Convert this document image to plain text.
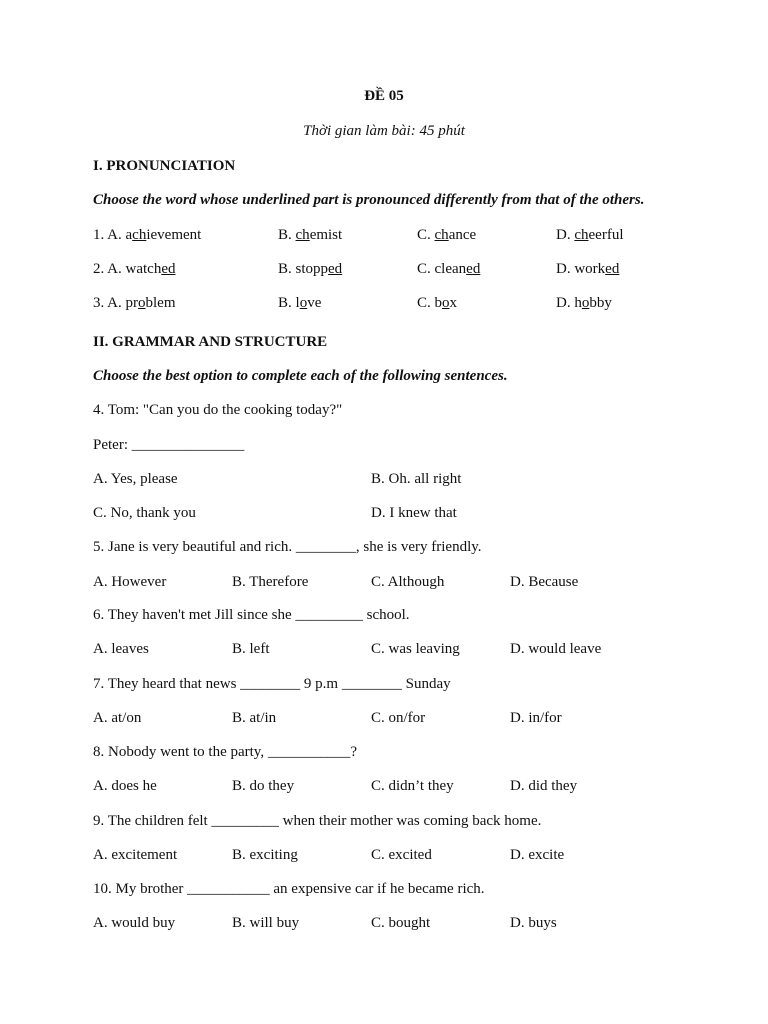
ĐỀ 05
Thời gian làm bài: 45 phút
I. PRONUNCIATION
Choose the word whose underlined part is pronounced differently from that of the others.
1. A. achievement	B. chemist	C. chance	D. cheerful
2. A. watched	B. stopped	C. cleaned	D. worked
3. A. problem	B. love	C. box	D. hobby
II. GRAMMAR AND STRUCTURE
Choose the best option to complete each of the following sentences.
4. Tom: "Can you do the cooking today?"
Peter: _______________
A. Yes, please	B. Oh. all right
C. No, thank you	D. I knew that
5. Jane is very beautiful and rich. ________, she is very friendly.
A. However	B. Therefore	C. Although	D. Because
6. They haven't met Jill since she _________ school.
A. leaves	B. left	C. was leaving	D. would leave
7. They heard that news ________ 9 p.m ________ Sunday
A. at/on	B. at/in	C. on/for	D. in/for
8. Nobody went to the party, ___________?
A. does he	B. do they	C. didn’t they	D. did they
9. The children felt _________ when their mother was coming back home.
A. excitement	B. exciting	C. excited	D. excite
10. My brother ___________ an expensive car if he became rich.
A. would buy	B. will buy	C. bought	D. buys
